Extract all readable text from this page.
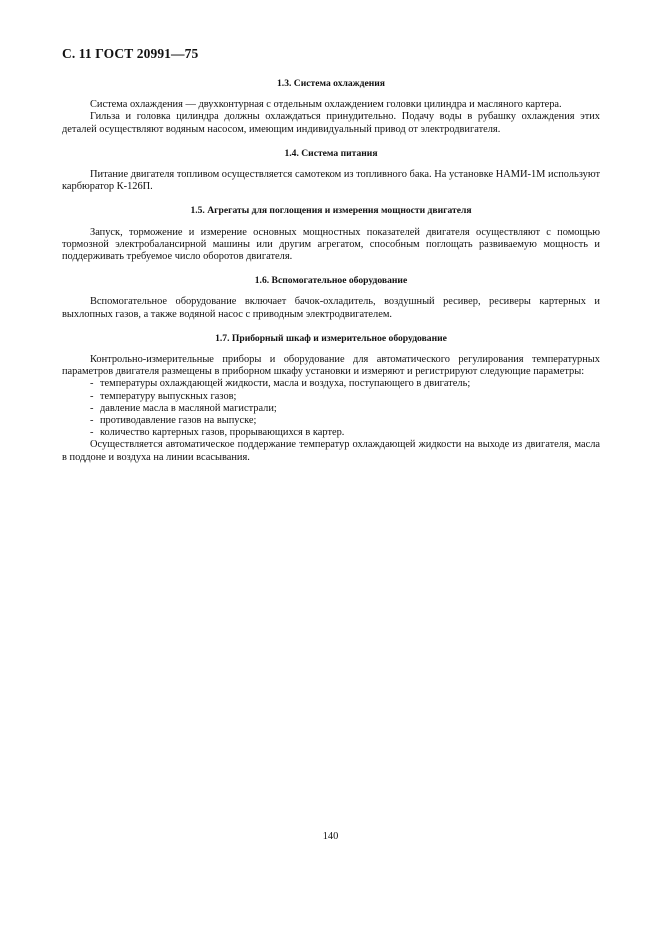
С. 11 ГОСТ 20991—75
1.3. Система охлаждения

Система охлаждения — двухконтурная с отдельным охлаждением головки цилиндра и масляного картера.

Гильза и головка цилиндра должны охлаждаться принудительно. Подачу воды в рубашку охлаждения этих деталей осуществляют водяным насосом, имеющим индивидуальный привод от электродвигателя.

1.4. Система питания

Питание двигателя топливом осуществляется самотеком из топливного бака. На установке НАМИ-1М используют карбюратор К-126П.

1.5. Агрегаты для поглощения и измерения мощности двигателя

Запуск, торможение и измерение основных мощностных показателей двигателя осуществляют с помощью тормозной электробалансирной машины или другим агрегатом, способным поглощать развиваемую мощность и поддерживать требуемое число оборотов двигателя.

1.6. Вспомогательное оборудование

Вспомогательное оборудование включает бачок-охладитель, воздушный ресивер, ресиверы картерных и выхлопных газов, а также водяной насос с приводным электродвигателем.

1.7. Приборный шкаф и измерительное оборудование

Контрольно-измерительные приборы и оборудование для автоматического регулирования температурных параметров двигателя размещены в приборном шкафу установки и измеряют и регистрируют следующие параметры:

- температуры охлаждающей жидкости, масла и воздуха, поступающего в двигатель;
- температуру выпускных газов;
- давление масла в масляной магистрали;
- противодавление газов на выпуске;
- количество картерных газов, прорывающихся в картер.

Осуществляется автоматическое поддержание температур охлаждающей жидкости на выходе из двигателя, масла в поддоне и воздуха на линии всасывания.

140
